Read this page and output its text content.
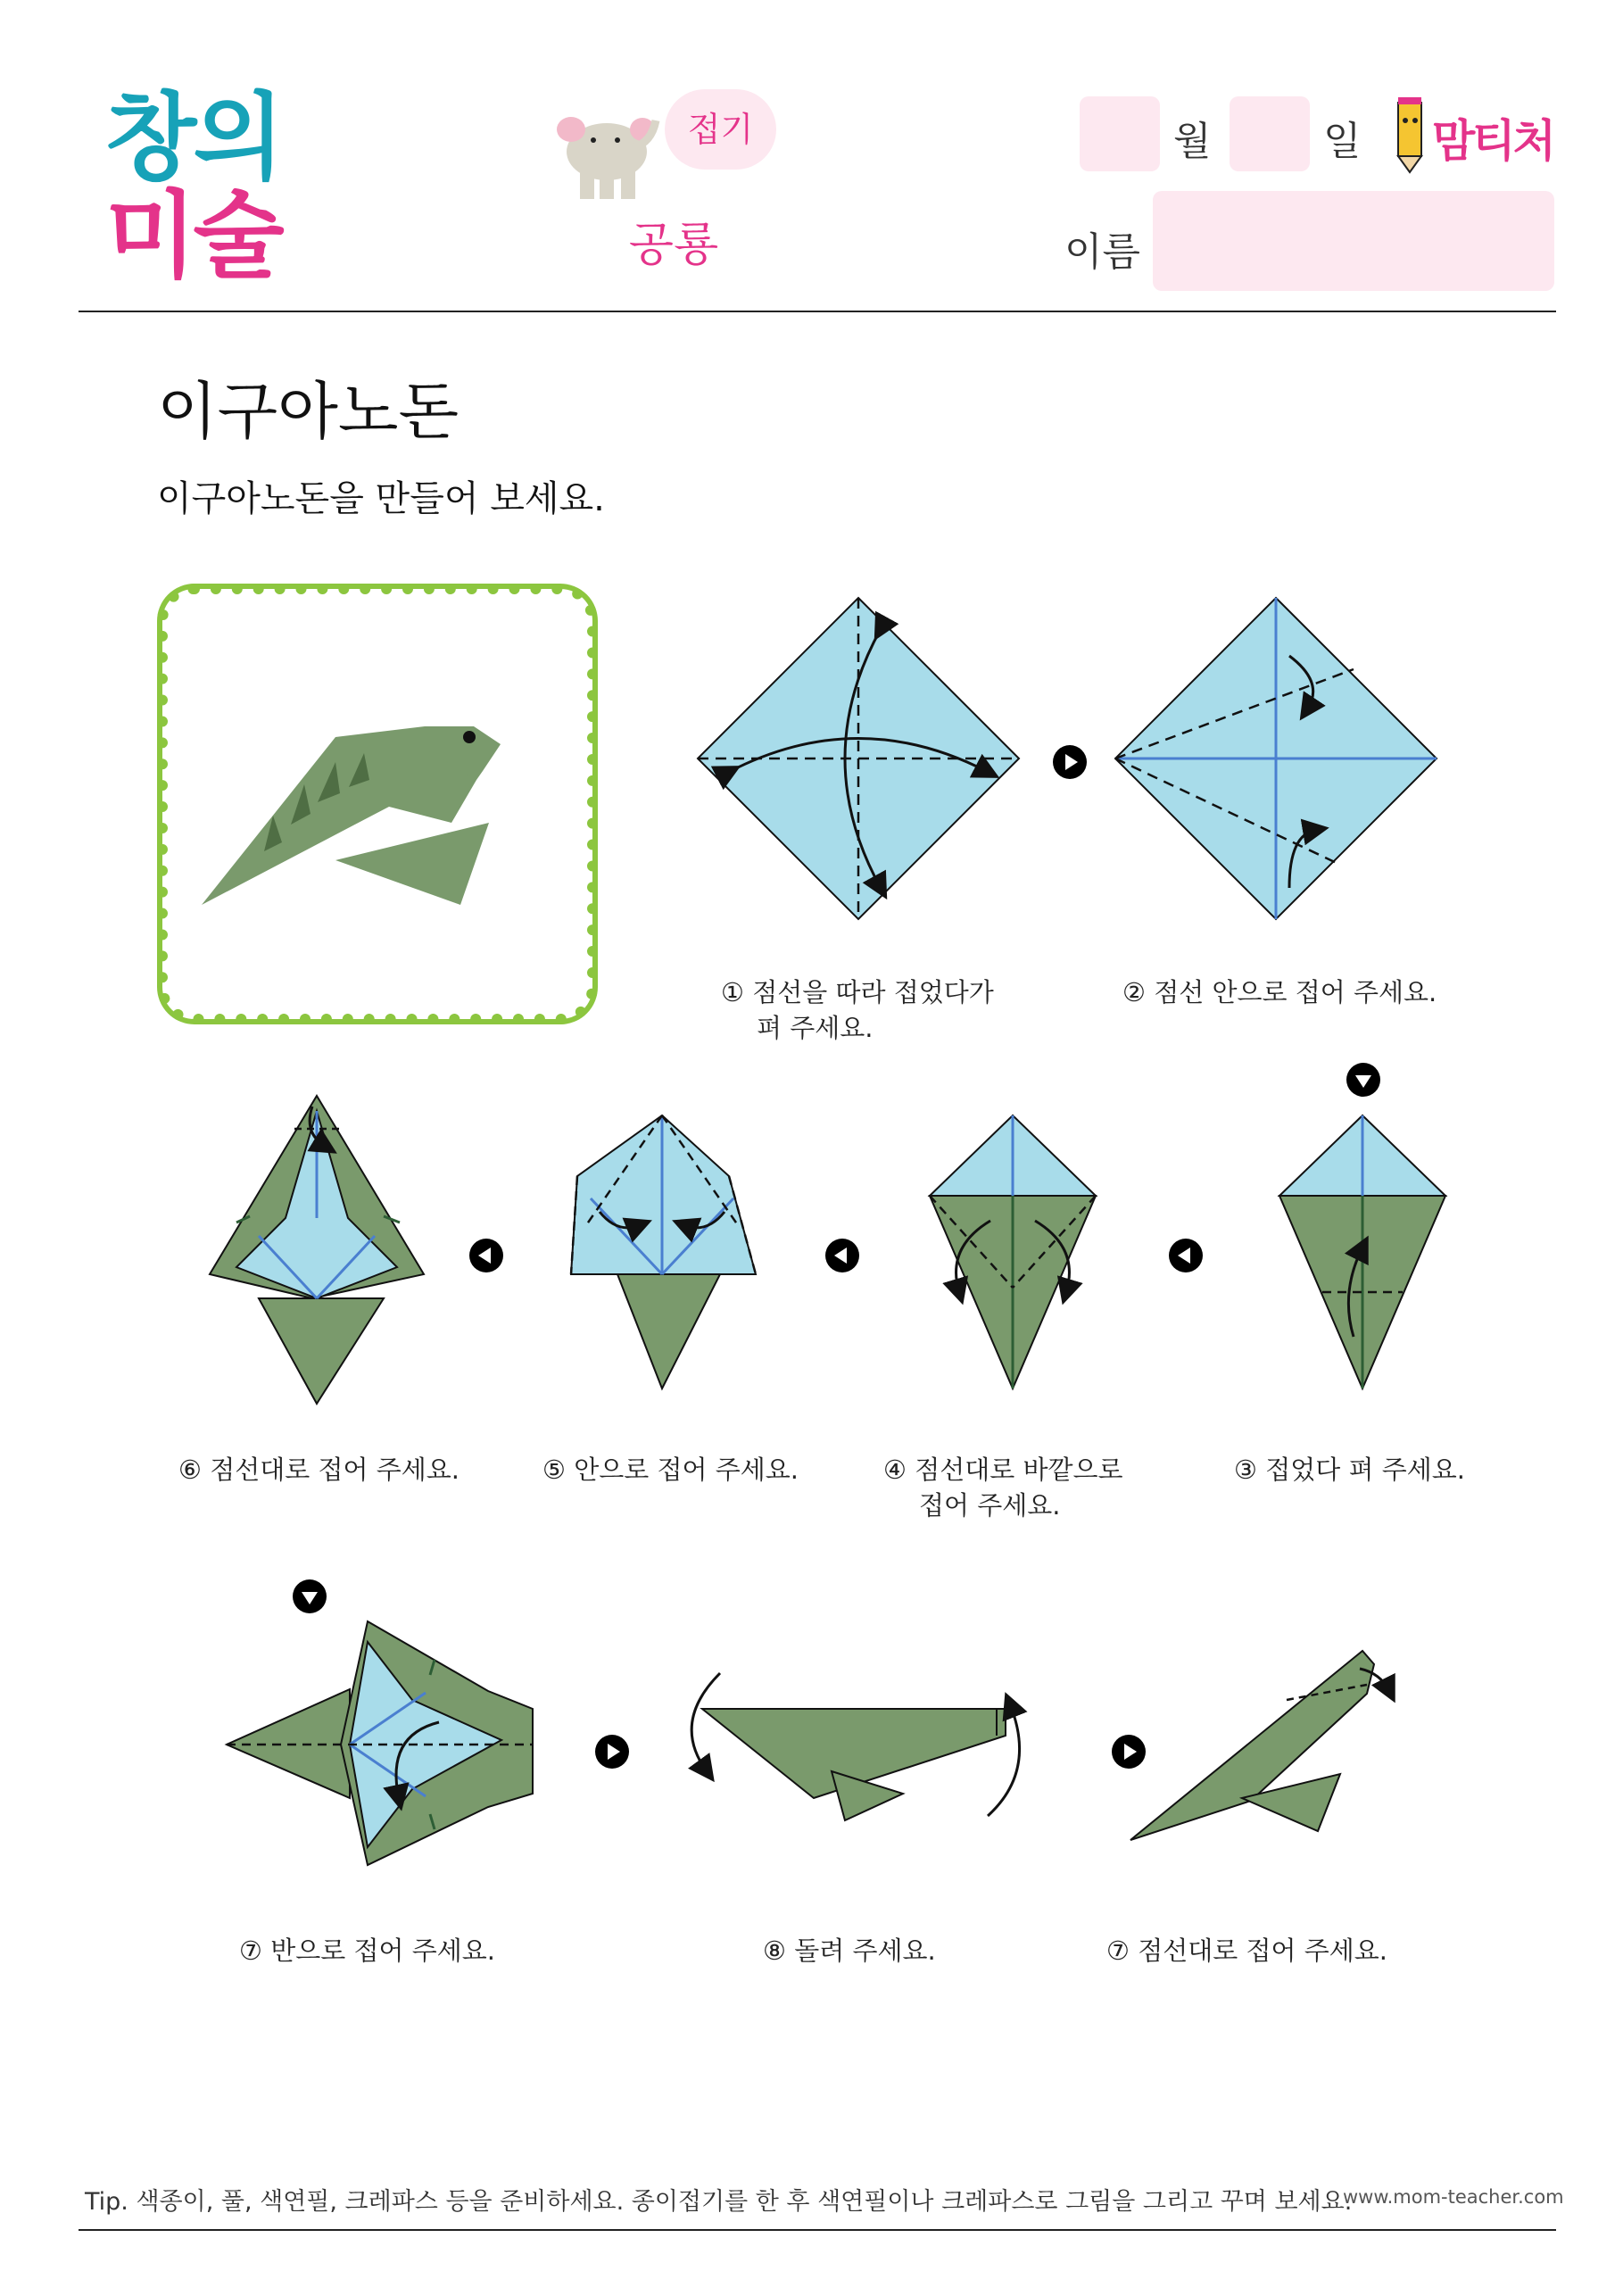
창의
미술
접기
공룡
월	일 맘티처
이름
이구아노돈
이구아노돈을 만들어 보세요.
① 점선을 따라 접었다가
펴 주세요.
② 점선 안으로 접어 주세요.
③ 접었다 펴 주세요.
④ 점선대로 바깥으로
접어 주세요.
⑤ 안으로 접어 주세요.
⑥ 점선대로 접어 주세요.
⑦ 반으로 접어 주세요.	⑧ 돌려 주세요.	⑦ 점선대로 접어 주세요.
Tip. 색종이, 풀, 색연필, 크레파스 등을 준비하세요. 종이접기를 한 후 색연필이나 크레파스로 그림을 그리고 꾸며 보세요.
www.mom-teacher.com
